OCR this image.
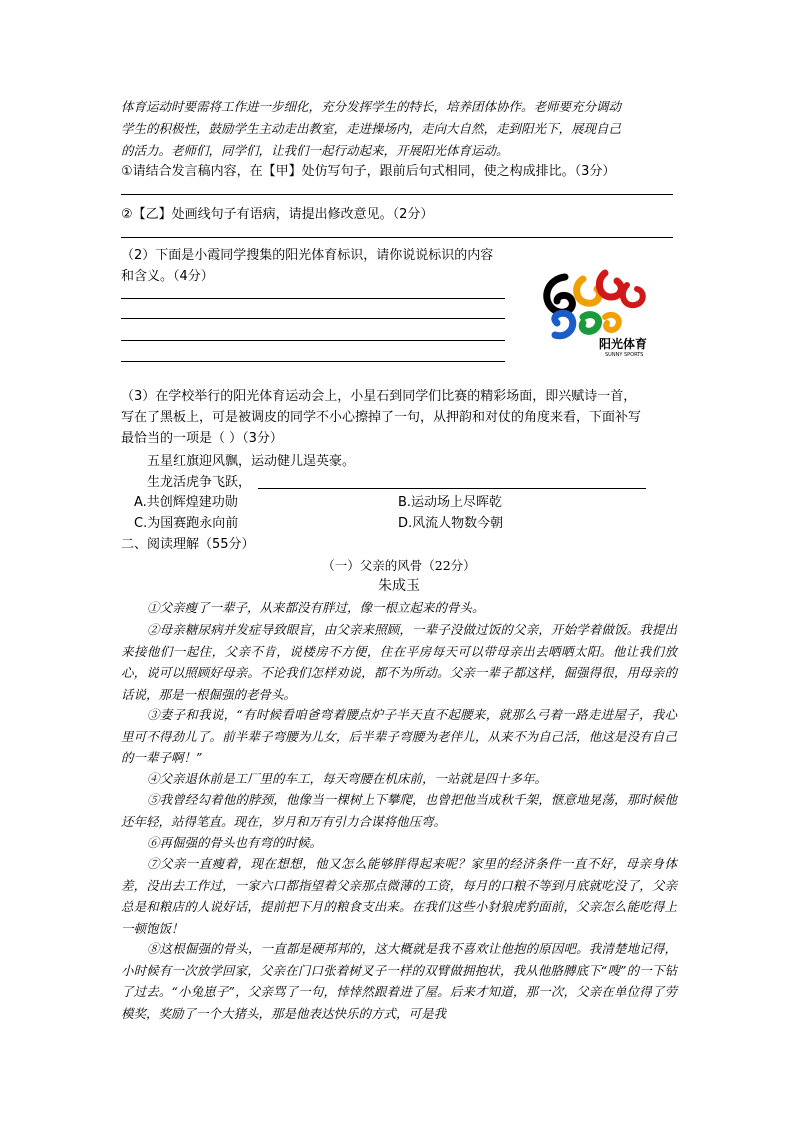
体育运动时要需将工作进一步细化，充分发挥学生的特长，培养团体协作。老师要充分调动
学生的积极性，鼓励学生主动走出教室，走进操场内，走向大自然，走到阳光下，展现自己
的活力。老师们，同学们，让我们一起行动起来，开展阳光体育运动。
①请结合发言稿内容，在【甲】处仿写句子，跟前后句式相同，使之构成排比。（3分）
②【乙】处画线句子有语病，请提出修改意见。（2分）
（2）下面是小霞同学搜集的阳光体育标识，请你说说标识的内容
和含义。（4分）
阳光体育
SUNNY SPORTS
（3）在学校举行的阳光体育运动会上，小星石到同学们比赛的精彩场面，即兴赋诗一首，
写在了黑板上，可是被调皮的同学不小心擦掉了一句，从押韵和对仗的角度来看，下面补写
最恰当的一项是（ ）（3分）
五星红旗迎风飘，运动健儿逞英豪。
生龙活虎争飞跃，
A.共创辉煌建功勋	B.运动场上尽晖乾
C.为国赛跑永向前	D.风流人物数今朝
二、阅读理解（55分）
（一）父亲的风骨（22分）
朱成玉

①父亲瘦了一辈子，从来都没有胖过，像一根立起来的骨头。

②母亲糖尿病并发症导致眼盲，由父亲来照顾，一辈子没做过饭的父亲，开始学着做饭。我提出来接他们一起住，父亲不肯，说楼房不方便，住在平房每天可以带母亲出去晒晒太阳。他让我们放心，说可以照顾好母亲。不论我们怎样劝说，都不为所动。父亲一辈子都这样，倔强得很，用母亲的话说，那是一根倔强的老骨头。

③妻子和我说，“有时候看咱爸弯着腰点炉子半天直不起腰来，就那么弓着一路走进屋子，我心里可不得劲儿了。前半辈子弯腰为儿女，后半辈子弯腰为老伴儿，从来不为自己活，他这是没有自己的一辈子啊！”

④父亲退休前是工厂里的车工，每天弯腰在机床前，一站就是四十多年。

⑤我曾经勾着他的脖颈，他像当一棵树上下攀爬，也曾把他当成秋千架，惬意地晃荡，那时候他还年轻，站得笔直。现在，岁月和万有引力合谋将他压弯。

⑥再倔强的骨头也有弯的时候。

⑦父亲一直瘦着，现在想想，他又怎么能够胖得起来呢？家里的经济条件一直不好，母亲身体差，没出去工作过，一家六口都指望着父亲那点微薄的工资，每月的口粮不等到月底就吃没了，父亲总是和粮店的人说好话，提前把下月的粮食支出来。在我们这些小豺狼虎豹面前，父亲怎么能吃得上一顿饱饭！

⑧这根倔强的骨头，一直都是硬邦邦的，这大概就是我不喜欢让他抱的原因吧。我清楚地记得，小时候有一次放学回家，父亲在门口张着树叉子一样的双臂做拥抱状，我从他胳膊底下“嗖”的一下钻了过去。“小兔崽子”，父亲骂了一句，悻悻然跟着进了屋。后来才知道，那一次，父亲在单位得了劳模奖，奖励了一个大猪头，那是他表达快乐的方式，可是我
